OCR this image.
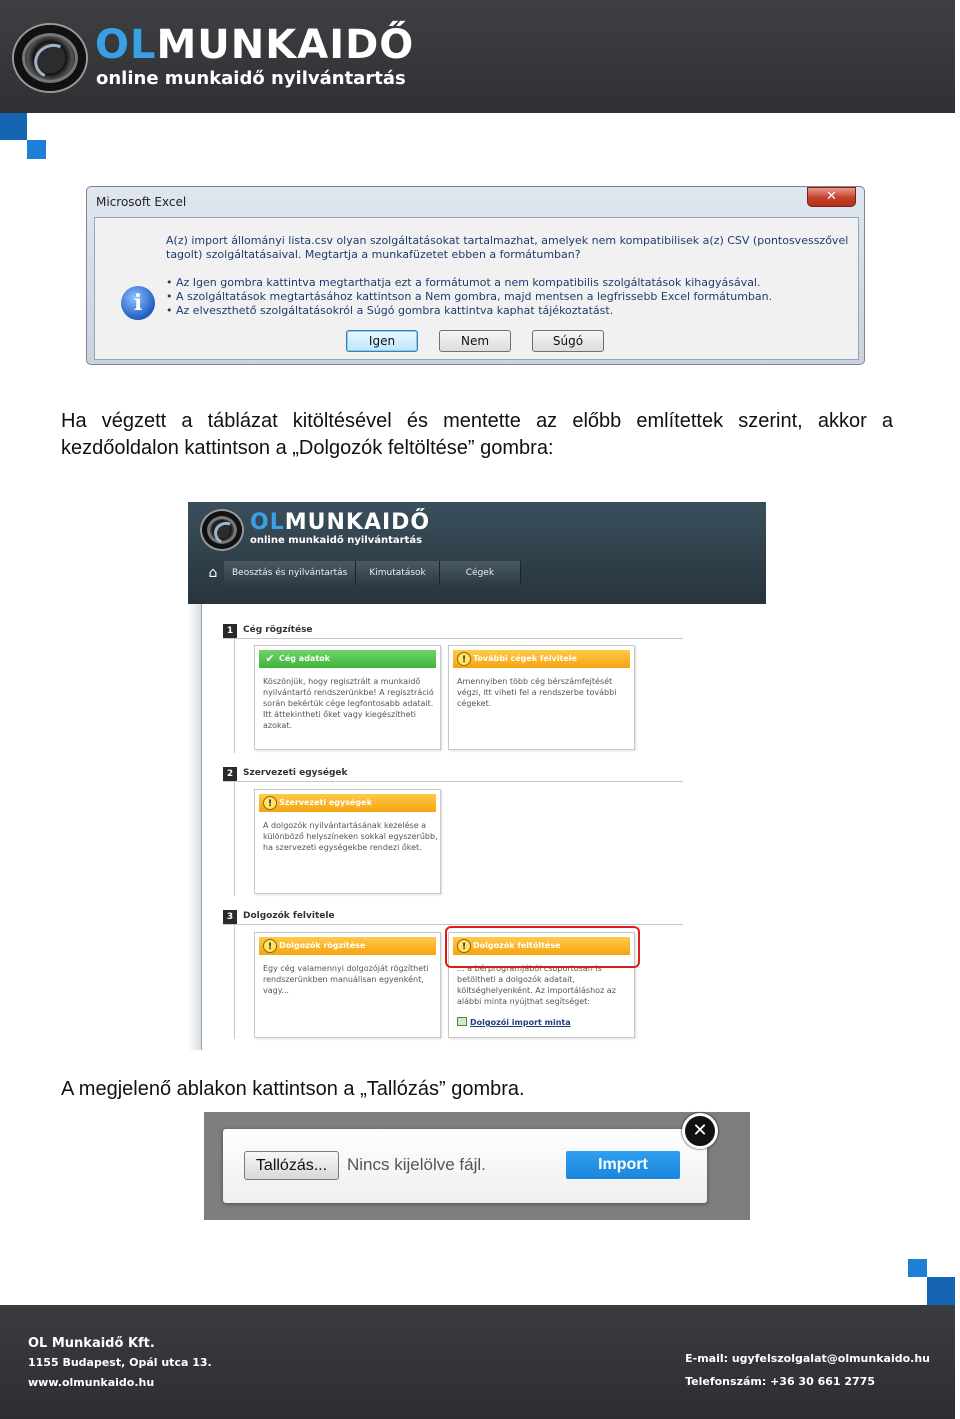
OLMUNKAIDŐ
online munkaidő nyilvántartás
Microsoft Excel	✕
i
A(z) import állományi lista.csv olyan szolgáltatásokat tartalmazhat, amelyek nem kompatibilisek a(z) CSV (pontosvesszővel tagolt) szolgáltatásaival. Megtartja a munkafüzetet ebben a formátumban?
• Az Igen gombra kattintva megtarthatja ezt a formátumot a nem kompatibilis szolgáltatások kihagyásával.
• A szolgáltatások megtartásához kattintson a Nem gombra, majd mentsen a legfrissebb Excel formátumban.
• Az elveszthető szolgáltatásokról a Súgó gombra kattintva kaphat tájékoztatást.
Igen	Nem	Súgó

Ha végzett a táblázat kitöltésével és mentette az előbb említettek szerint, akkor a kezdőoldalon kattintson a „Dolgozók feltöltése” gombra:

OLMUNKAIDŐ
online munkaidő nyilvántartás
⌂	Beosztás és nyilvántartás	Kimutatások	Cégek
1	Cég rögzítése
✔ Cég adatok
Köszönjük, hogy regisztrált a munkaidő nyilvántartó rendszerünkbe! A regisztráció során bekértük cége legfontosabb adatait. Itt áttekintheti őket vagy kiegészítheti azokat.
! További cégek felvitele
Amennyiben több cég bérszámfejtését végzi, itt viheti fel a rendszerbe további cégeket.
2	Szervezeti egységek
! Szervezeti egységek
A dolgozók nyilvántartásának kezelése a különböző helyszíneken sokkal egyszerűbb, ha szervezeti egységekbe rendezi őket.
3	Dolgozók felvitele
! Dolgozók rögzítése
Egy cég valamennyi dolgozóját rögzítheti rendszerünkben manuálisan egyenként, vagy...
! Dolgozók feltöltése
... a bérprogramjából csoportosan is betöltheti a dolgozók adatait, költséghelyenként. Az importáláshoz az alábbi minta nyújthat segítséget:
Dolgozói import minta

A megjelenő ablakon kattintson a „Tallózás” gombra.

Tallózás...	Nincs kijelölve fájl.	Import
✕
OL Munkaidő Kft.
1155 Budapest, Opál utca 13.
www.olmunkaido.hu
E-mail: ugyfelszolgalat@olmunkaido.hu
Telefonszám: +36 30 661 2775
